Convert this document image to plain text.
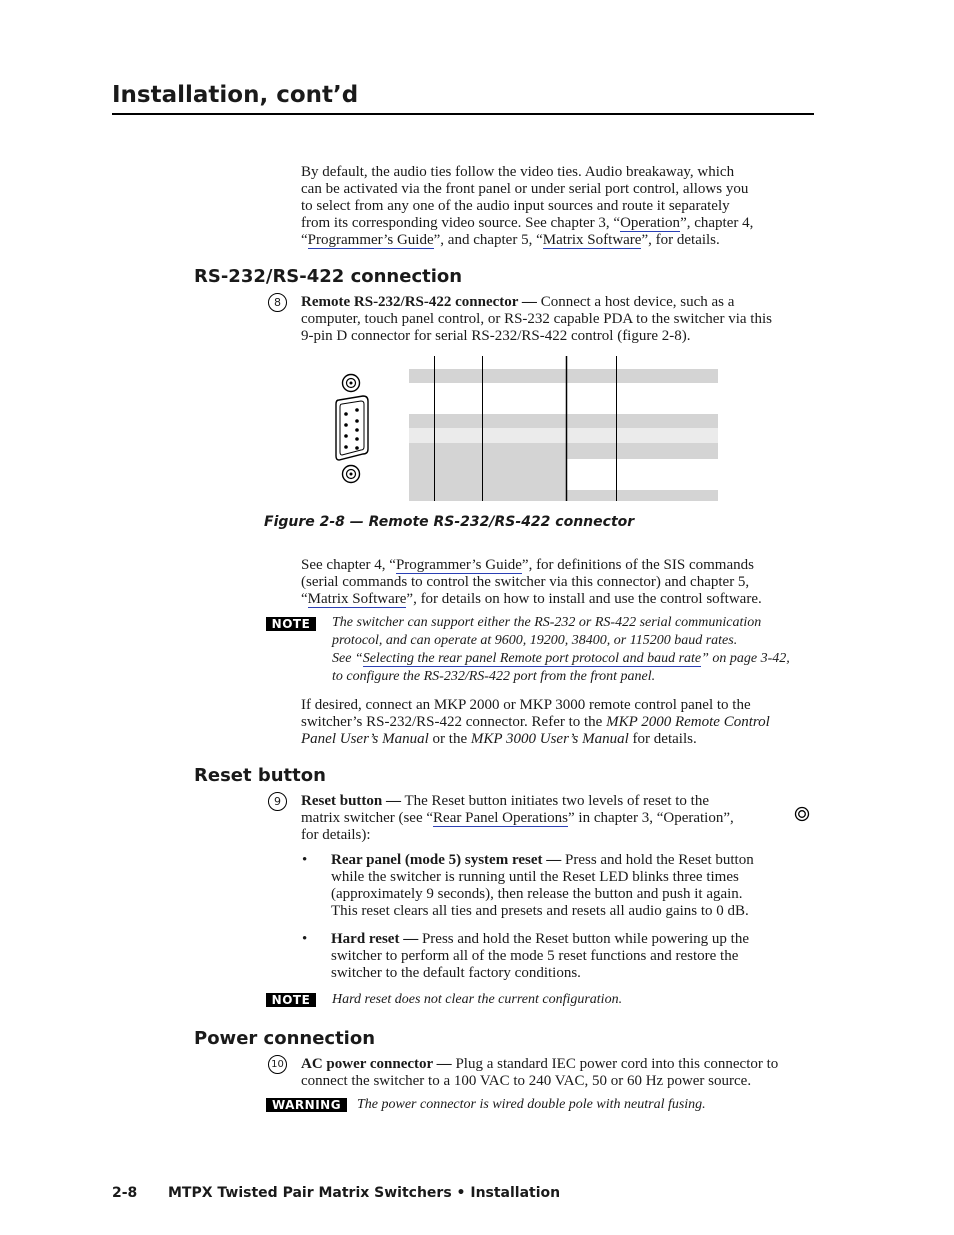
Installation, cont’d
By default, the audio ties follow the video ties. Audio breakaway, which
can be activated via the front panel or under serial port control, allows you
to select from any one of the audio input sources and route it separately
from its corresponding video source. See chapter 3, “Operation”, chapter 4,
“Programmer’s Guide”, and chapter 5, “Matrix Software”, for details.
RS-232/RS-422 connection
8	Remote RS-232/RS-422 connector — Connect a host device, such as a
computer, touch panel control, or RS-232 capable PDA to the switcher via this
9-pin D connector for serial RS-232/RS-422 control (figure 2-8).
Figure 2-8 — Remote RS-232/RS-422 connector
See chapter 4, “Programmer’s Guide”, for definitions of the SIS commands
(serial commands to control the switcher via this connector) and chapter 5,
“Matrix Software”, for details on how to install and use the control software.
NOTE	The switcher can support either the RS-232 or RS-422 serial communication
protocol, and can operate at 9600, 19200, 38400, or 115200 baud rates.
See “Selecting the rear panel Remote port protocol and baud rate” on page 3-42,
to configure the RS-232/RS-422 port from the front panel.
If desired, connect an MKP 2000 or MKP 3000 remote control panel to the
switcher’s RS-232/RS-422 connector. Refer to the MKP 2000 Remote Control
Panel User’s Manual or the MKP 3000 User’s Manual for details.
Reset button
9	Reset button — The Reset button initiates two levels of reset to the
matrix switcher (see “Rear Panel Operations” in chapter 3, “Operation”,
for details):
• Rear panel (mode 5) system reset — Press and hold the Reset button
while the switcher is running until the Reset LED blinks three times
(approximately 9 seconds), then release the button and push it again.
This reset clears all ties and presets and resets all audio gains to 0 dB.
• Hard reset — Press and hold the Reset button while powering up the
switcher to perform all of the mode 5 reset functions and restore the
switcher to the default factory conditions.
NOTE	Hard reset does not clear the current configuration.
Power connection
10 AC power connector — Plug a standard IEC power cord into this connector to
connect the switcher to a 100 VAC to 240 VAC, 50 or 60 Hz power source.
WARNING	The power connector is wired double pole with neutral fusing.
2-8 MTPX Twisted Pair Matrix Switchers • Installation
